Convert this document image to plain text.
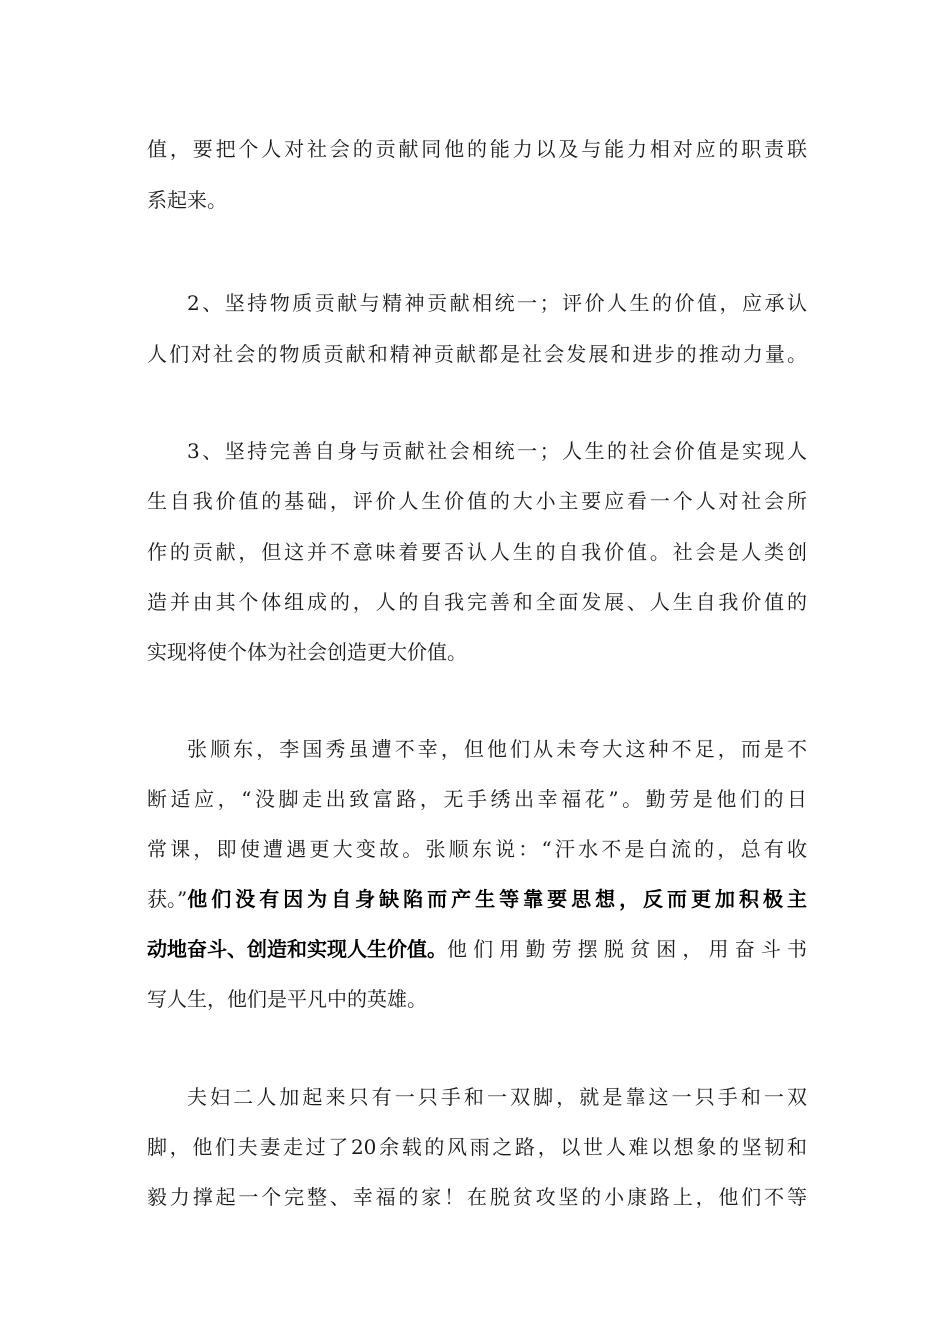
值，要把个人对社会的贡献同他的能力以及与能力相对应的职责联
系起来。
2、坚持物质贡献与精神贡献相统一；评价人生的价值，应承认
人们对社会的物质贡献和精神贡献都是社会发展和进步的推动力量。
3、坚持完善自身与贡献社会相统一；人生的社会价值是实现人
生自我价值的基础，评价人生价值的大小主要应看一个人对社会所
作的贡献，但这并不意味着要否认人生的自我价值。社会是人类创
造并由其个体组成的，人的自我完善和全面发展、人生自我价值的
实现将使个体为社会创造更大价值。
张顺东，李国秀虽遭不幸，但他们从未夸大这种不足，而是不
断适应，“没脚走出致富路，无手绣出幸福花”。勤劳是他们的日
常课，即使遭遇更大变故。张顺东说：“汗水不是白流的，总有收
获。” 他们没有因为自身缺陷而产生等靠要思想，反而更加积极主
动地奋斗、创造和实现人生价值。 他们用勤劳摆脱贫困，用奋斗书
写人生，他们是平凡中的英雄。
夫妇二人加起来只有一只手和一双脚，就是靠这一只手和一双
脚，他们夫妻走过了20余载的风雨之路，以世人难以想象的坚韧和
毅力撑起一个完整、幸福的家！在脱贫攻坚的小康路上，他们不等
